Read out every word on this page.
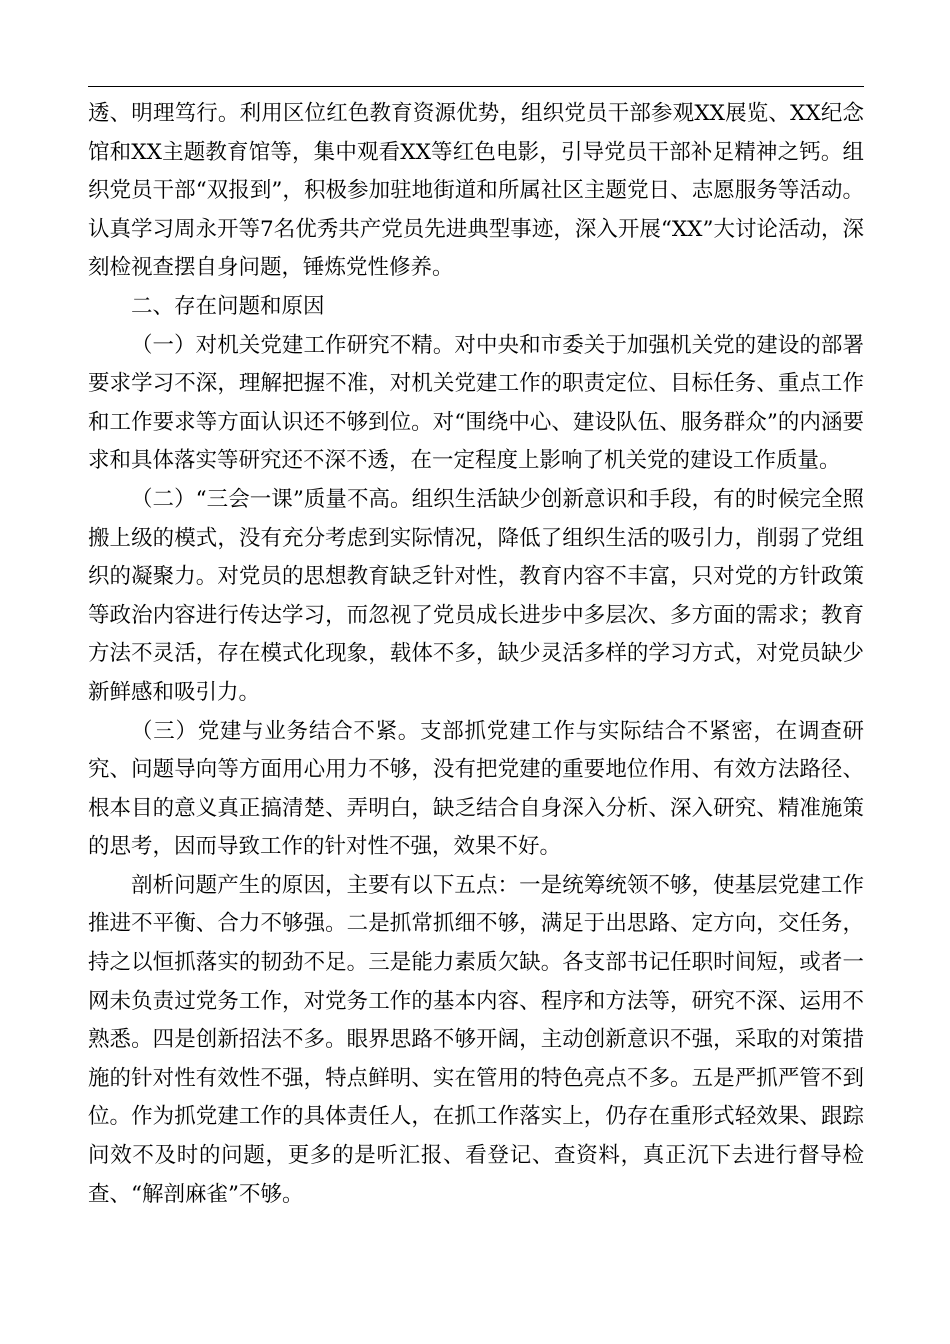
透、明理笃行。利用区位红色教育资源优势，组织党员干部参观XX展览、XX纪念馆和XX主题教育馆等，集中观看XX等红色电影，引导党员干部补足精神之钙。组织党员干部“双报到”，积极参加驻地街道和所属社区主题党日、志愿服务等活动。认真学习周永开等7名优秀共产党员先进典型事迹，深入开展“XX”大讨论活动，深刻检视查摆自身问题，锤炼党性修养。

二、存在问题和原因

（一）对机关党建工作研究不精。对中央和市委关于加强机关党的建设的部署要求学习不深，理解把握不准，对机关党建工作的职责定位、目标任务、重点工作和工作要求等方面认识还不够到位。对“围绕中心、建设队伍、服务群众”的内涵要求和具体落实等研究还不深不透，在一定程度上影响了机关党的建设工作质量。

（二）“三会一课”质量不高。组织生活缺少创新意识和手段，有的时候完全照搬上级的模式，没有充分考虑到实际情况，降低了组织生活的吸引力，削弱了党组织的凝聚力。对党员的思想教育缺乏针对性，教育内容不丰富，只对党的方针政策等政治内容进行传达学习，而忽视了党员成长进步中多层次、多方面的需求；教育方法不灵活，存在模式化现象，载体不多，缺少灵活多样的学习方式，对党员缺少新鲜感和吸引力。

（三）党建与业务结合不紧。支部抓党建工作与实际结合不紧密，在调查研究、问题导向等方面用心用力不够，没有把党建的重要地位作用、有效方法路径、根本目的意义真正搞清楚、弄明白，缺乏结合自身深入分析、深入研究、精准施策的思考，因而导致工作的针对性不强，效果不好。

剖析问题产生的原因，主要有以下五点：一是统筹统领不够，使基层党建工作推进不平衡、合力不够强。二是抓常抓细不够，满足于出思路、定方向，交任务，持之以恒抓落实的韧劲不足。三是能力素质欠缺。各支部书记任职时间短，或者一网未负责过党务工作，对党务工作的基本内容、程序和方法等，研究不深、运用不熟悉。四是创新招法不多。眼界思路不够开阔，主动创新意识不强，采取的对策措施的针对性有效性不强，特点鲜明、实在管用的特色亮点不多。五是严抓严管不到位。作为抓党建工作的具体责任人，在抓工作落实上，仍存在重形式轻效果、跟踪问效不及时的问题，更多的是听汇报、看登记、查资料，真正沉下去进行督导检查、“解剖麻雀”不够。
